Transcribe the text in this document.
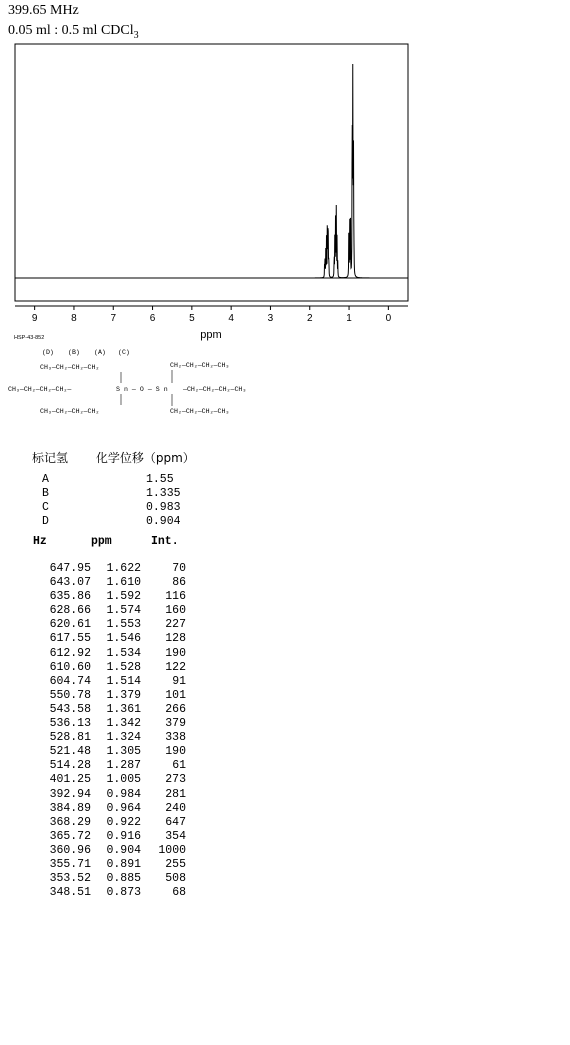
399.65 MHz
0.05 ml : 0.5 ml CDCl$_3$
9	8	7	6	5	4	3	2	1	0
ppm
HSP-43-852
(D) (B) (A) (C)
CH₃—CH₂—CH₂—CH₂	CH₂—CH₂—CH₂—CH₃
CH₃—CH₂—CH₂—CH₂—	Sn—O—Sn —CH₂—CH₂—CH₂—CH₃
CH₃—CH₂—CH₂—CH₂	CH₂—CH₂—CH₂—CH₃
标记氢 化学位移（ppm）
A	1.55
B	1.335
C	0.983
D	0.904
Hz	ppm	Int.
647.95 1.622	70
643.07 1.610	86
635.86 1.592 116
628.66 1.574 160
620.61 1.553 227
617.55 1.546 128
612.92 1.534 190
610.60 1.528 122
604.74 1.514	91
550.78 1.379 101
543.58 1.361 266
536.13 1.342 379
528.81 1.324 338
521.48 1.305 190
514.28 1.287	61
401.25 1.005 273
392.94 0.984 281
384.89 0.964 240
368.29 0.922 647
365.72 0.916 354
360.96 0.904 1000
355.71 0.891 255
353.52 0.885 508
348.51 0.873	68
